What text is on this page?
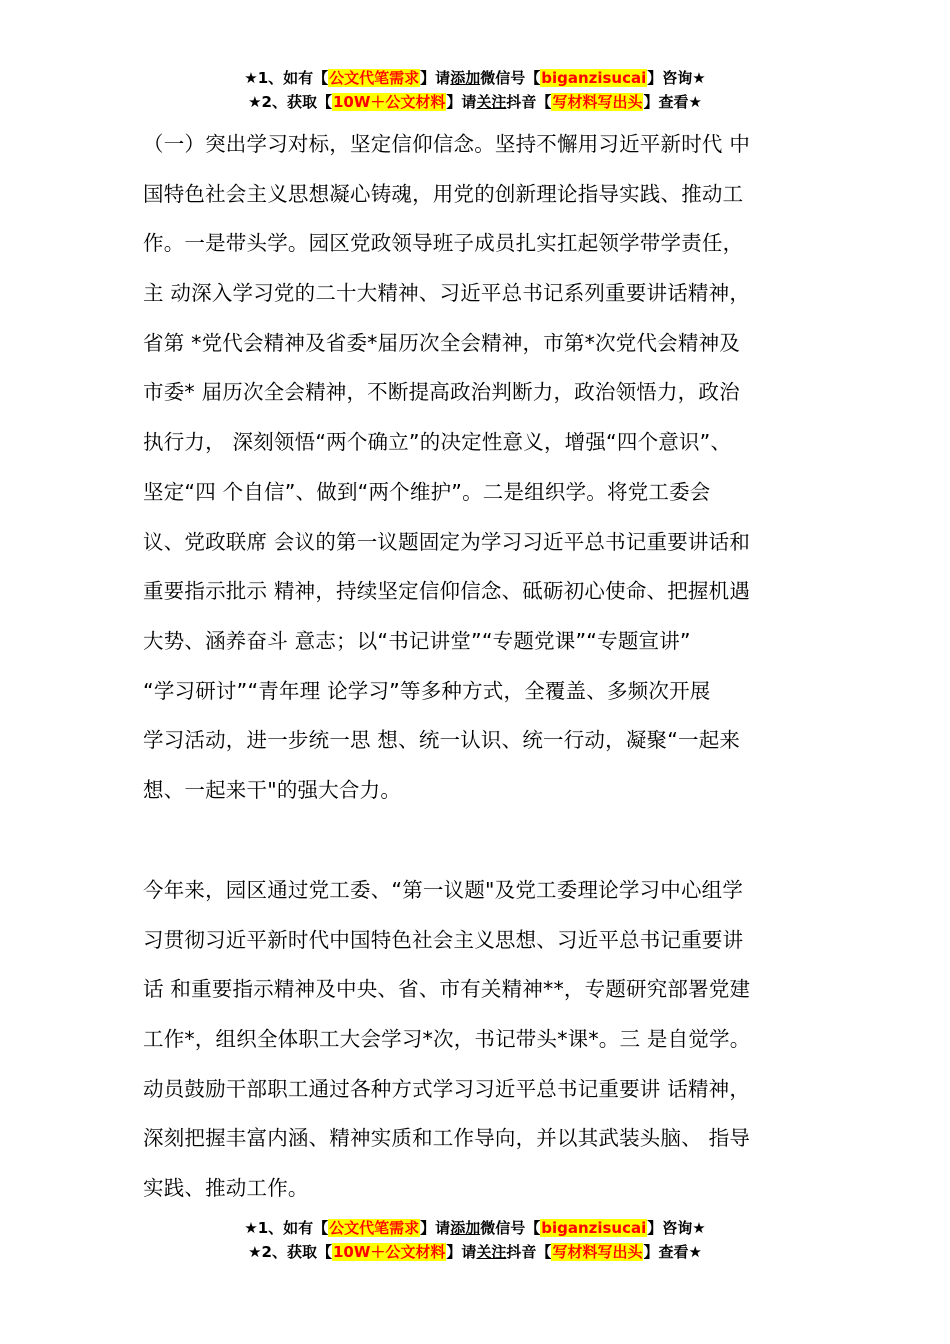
★1、如有【公文代笔需求】请添加微信号【biganzisucai】咨询★
★2、获取【10W＋公文材料】请关注抖音【写材料写出头】查看★
（一）突出学习对标，坚定信仰信念。坚持不懈用习近平新时代 中
国特色社会主义思想凝心铸魂，用党的创新理论指导实践、推动工
作。一是带头学。园区党政领导班子成员扎实扛起领学带学责任，
主 动深入学习党的二十大精神、习近平总书记系列重要讲话精神，
省第 *党代会精神及省委*届历次全会精神，市第*次党代会精神及
市委* 届历次全会精神，不断提高政治判断力，政治领悟力，政治
执行力， 深刻领悟“两个确立”的决定性意义，增强“四个意识”、
坚定“四 个自信”、做到“两个维护”。二是组织学。将党工委会
议、党政联席 会议的第一议题固定为学习习近平总书记重要讲话和
重要指示批示 精神，持续坚定信仰信念、砥砺初心使命、把握机遇
大势、涵养奋斗 意志；以“书记讲堂”“专题党课”“专题宣讲”
“学习研讨”“青年理 论学习”等多种方式，全覆盖、多频次开展
学习活动，进一步统一思 想、统一认识、统一行动，凝聚“一起来
想、一起来干"的强大合力。
今年来，园区通过党工委、“第一议题"及党工委理论学习中心组学
习贯彻习近平新时代中国特色社会主义思想、习近平总书记重要讲
话 和重要指示精神及中央、省、市有关精神**，专题研究部署党建
工作*，组织全体职工大会学习*次，书记带头*课*。三 是自觉学。
动员鼓励干部职工通过各种方式学习习近平总书记重要讲 话精神，
深刻把握丰富内涵、精神实质和工作导向，并以其武装头脑、 指导
实践、推动工作。
★1、如有【公文代笔需求】请添加微信号【biganzisucai】咨询★
★2、获取【10W＋公文材料】请关注抖音【写材料写出头】查看★
